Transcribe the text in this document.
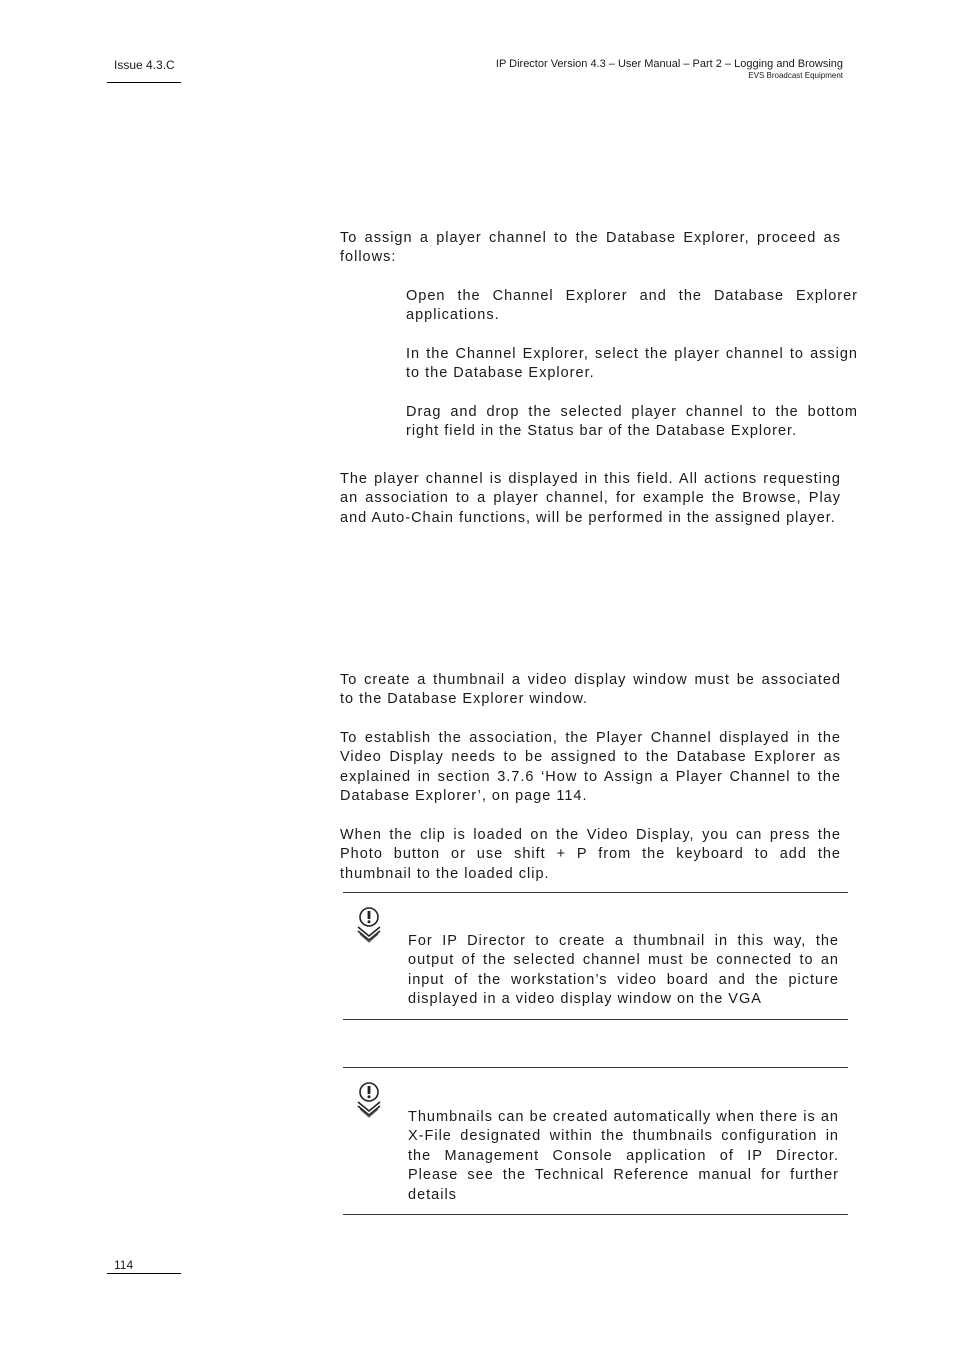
Issue 4.3.C	IP Director Version 4.3 – User Manual – Part 2 – Logging and Browsing
EVS Broadcast Equipment

To assign a player channel to the Database Explorer, proceed as follows:

Open the Channel Explorer and the Database Explorer applications.

In the Channel Explorer, select the player channel to assign to the Database Explorer.

Drag and drop the selected player channel to the bottom right field in the Status bar of the Database Explorer.

The player channel is displayed in this field. All actions requesting an association to a player channel, for example the Browse, Play and Auto-Chain functions, will be performed in the assigned player.

To create a thumbnail a video display window must be associated to the Database Explorer window.

To establish the association, the Player Channel displayed in the Video Display needs to be assigned to the Database Explorer as explained in section 3.7.6 ‘How to Assign a Player Channel to the Database Explorer’, on page 114.

When the clip is loaded on the Video Display, you can press the Photo button or use shift + P from the keyboard to add the thumbnail to the loaded clip.

For IP Director to create a thumbnail in this way, the output of the selected channel must be connected to an input of the workstation’s video board and the picture displayed in a video display window on the VGA

Thumbnails can be created automatically when there is an X-File designated within the thumbnails configuration in the Management Console application of IP Director. Please see the Technical Reference manual for further details

114
